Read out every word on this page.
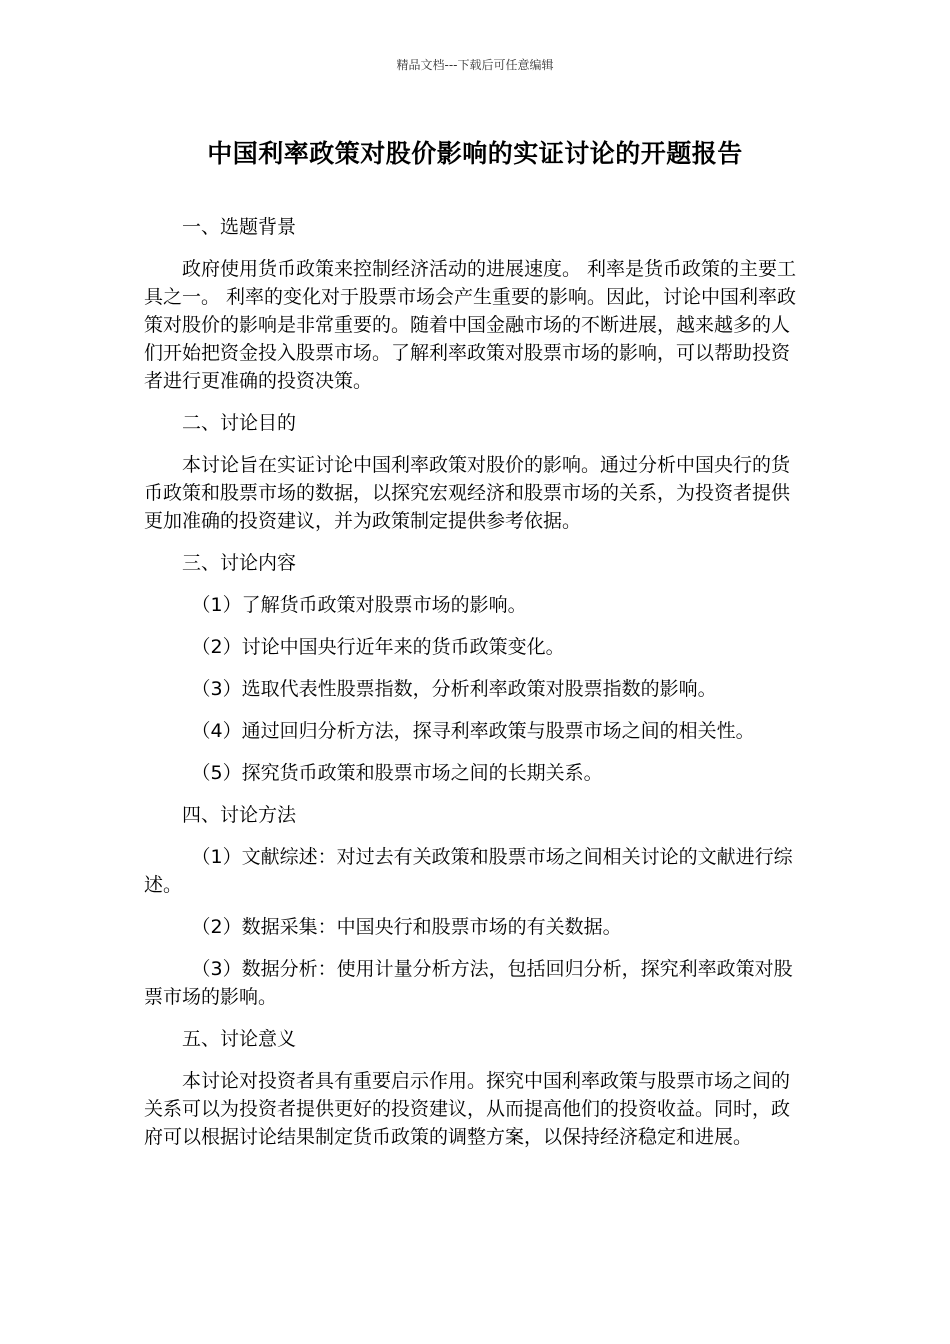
精品文档---下载后可任意编辑
中国利率政策对股价影响的实证讨论的开题报告

一、选题背景

政府使用货币政策来控制经济活动的进展速度。 利率是货币政策的主要工具之一。 利率的变化对于股票市场会产生重要的影响。因此，讨论中国利率政策对股价的影响是非常重要的。随着中国金融市场的不断进展，越来越多的人们开始把资金投入股票市场。了解利率政策对股票市场的影响，可以帮助投资者进行更准确的投资决策。

二、讨论目的

本讨论旨在实证讨论中国利率政策对股价的影响。通过分析中国央行的货币政策和股票市场的数据，以探究宏观经济和股票市场的关系，为投资者提供更加准确的投资建议，并为政策制定提供参考依据。

三、讨论内容

（1）了解货币政策对股票市场的影响。

（2）讨论中国央行近年来的货币政策变化。

（3）选取代表性股票指数，分析利率政策对股票指数的影响。

（4）通过回归分析方法，探寻利率政策与股票市场之间的相关性。

（5）探究货币政策和股票市场之间的长期关系。

四、讨论方法

（1）文献综述：对过去有关政策和股票市场之间相关讨论的文献进行综述。

（2）数据采集：中国央行和股票市场的有关数据。

（3）数据分析：使用计量分析方法，包括回归分析，探究利率政策对股票市场的影响。

五、讨论意义

本讨论对投资者具有重要启示作用。探究中国利率政策与股票市场之间的关系可以为投资者提供更好的投资建议，从而提高他们的投资收益。同时，政府可以根据讨论结果制定货币政策的调整方案，以保持经济稳定和进展。
